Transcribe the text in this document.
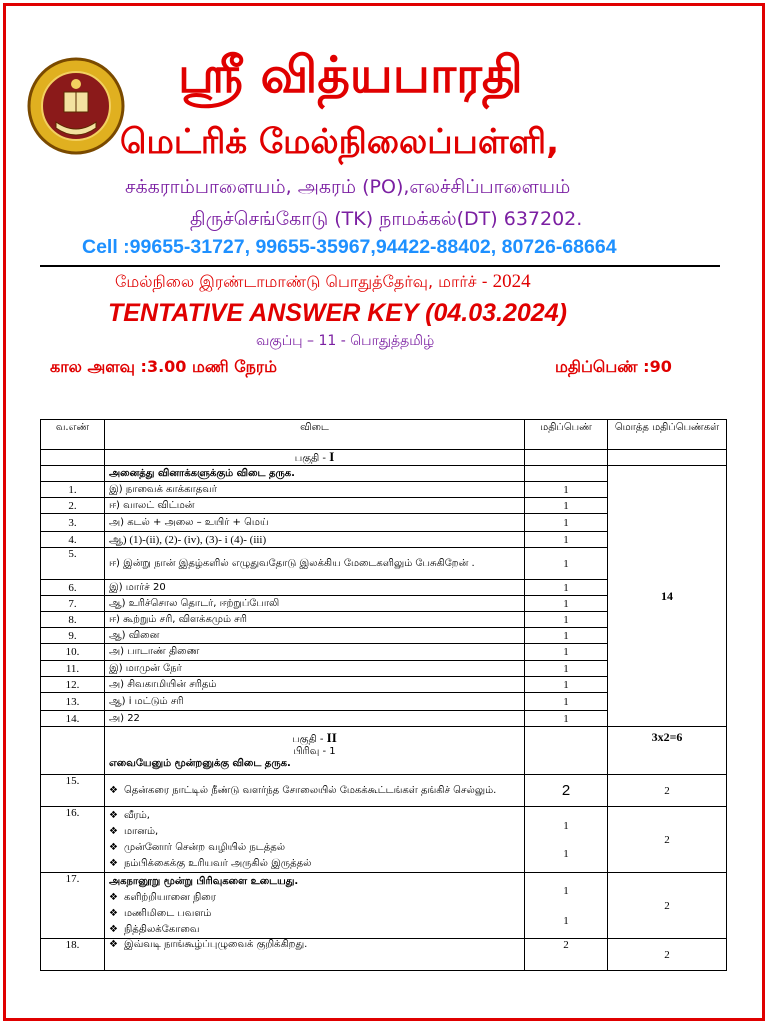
ஸ்ரீ வித்யபாரதி
மெட்ரிக் மேல்நிலைப்பள்ளி,
சக்கராம்பாளையம், அகரம் (PO),எலச்சிப்பாளையம்
திருச்செங்கோடு (TK) நாமக்கல்(DT) 637202.
Cell :99655-31727, 99655-35967,94422-88402, 80726-68664
மேல்நிலை இரண்டாமாண்டு பொதுத்தேர்வு, மார்ச் - 2024
TENTATIVE ANSWER KEY (04.03.2024)
வகுப்பு – 11 - பொதுத்தமிழ்
கால அளவு :3.00 மணி நேரம்	மதிப்பெண் :90
வ.எண்	விடை	மதிப்பெண்	மொத்த மதிப்பெண்கள்
	பகுதி - I		
	அனைத்து வினாக்களுக்கும் விடை தருக.		14
1.	இ) நாவைக் காக்காதவர்	1	
2.	ஈ) வாலட் விட்மன்	1	
3.	அ) கடல் + அலை – உயிர் + மெய்	1	
4.	ஆ) (1)-(ii), (2)- (iv), (3)- i (4)- (iii)	1	
5.	ஈ) இன்று நான் இதழ்களில் எழுதுவதோடு இலக்கிய மேடைகளிலும் பேசுகிறேன் .	1	
6.	இ) மார்ச் 20	1	
7.	ஆ) உரிச்சொல தொடர், ஈற்றுப்போலி	1	
8.	ஈ) கூற்றும் சரி, விளக்கமும் சரி	1	
9.	ஆ) வினை	1	
10.	அ) பாடாண் திணை	1	
11.	இ) மாமுன் நேர்	1	
12.	அ) சிவகாமியின் சரிதம்	1	
13.	ஆ) i மட்டும் சரி	1	
14.	அ) 22	1	

	பகுதி - II
பிரிவு - 1
எவையேனும் மூன்றனுக்கு விடை தருக.		3x2=6
15.	❖ தென்கரை நாட்டில் நீண்டு வளர்ந்த சோலையில் மேகக்கூட்டங்கள் தங்கிச் செல்லும்.	2	2
16.	❖ வீரம்,
❖ மானம்,
❖ முன்னோர் சென்ற வழியில் நடத்தல்
❖ நம்பிக்கைக்கு உரியவர் அருகில் இருத்தல்	1
1	2
17.	அகநானூறு மூன்று பிரிவுகளை உடையது.
❖ களிற்றியானை நிரை
❖ மணிமிடை பவளம்
❖ நித்திலக்கோவை	1
1	2
18.	❖ இவ்வடி நாங்கூழ்ப்புழுவைக் குறிக்கிறது.	2	2
